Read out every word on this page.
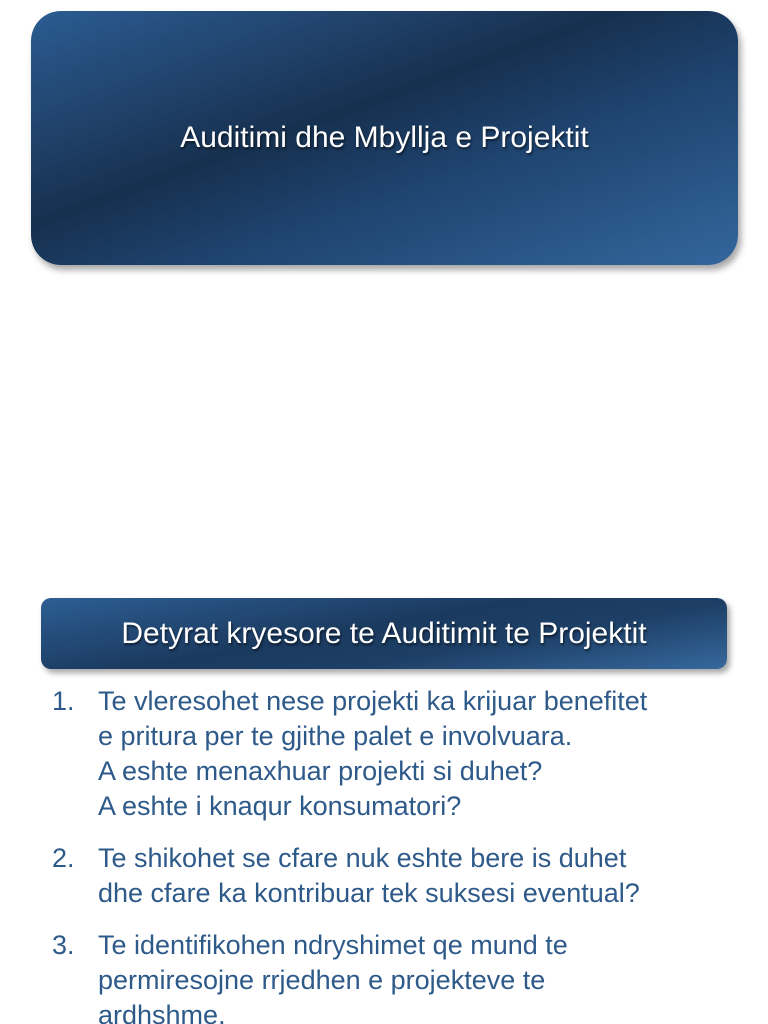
Auditimi dhe Mbyllja e Projektit
Detyrat kryesore te Auditimit te Projektit
1. Te vleresohet nese projekti ka krijuar benefitet
e pritura per te gjithe palet e involvuara.
A eshte menaxhuar projekti si duhet?
A eshte i knaqur konsumatori?
2. Te shikohet se cfare nuk eshte bere is duhet
dhe cfare ka kontribuar tek suksesi eventual?
3. Te identifikohen ndryshimet qe mund te
permiresojne rrjedhen e projekteve te
ardhshme.
